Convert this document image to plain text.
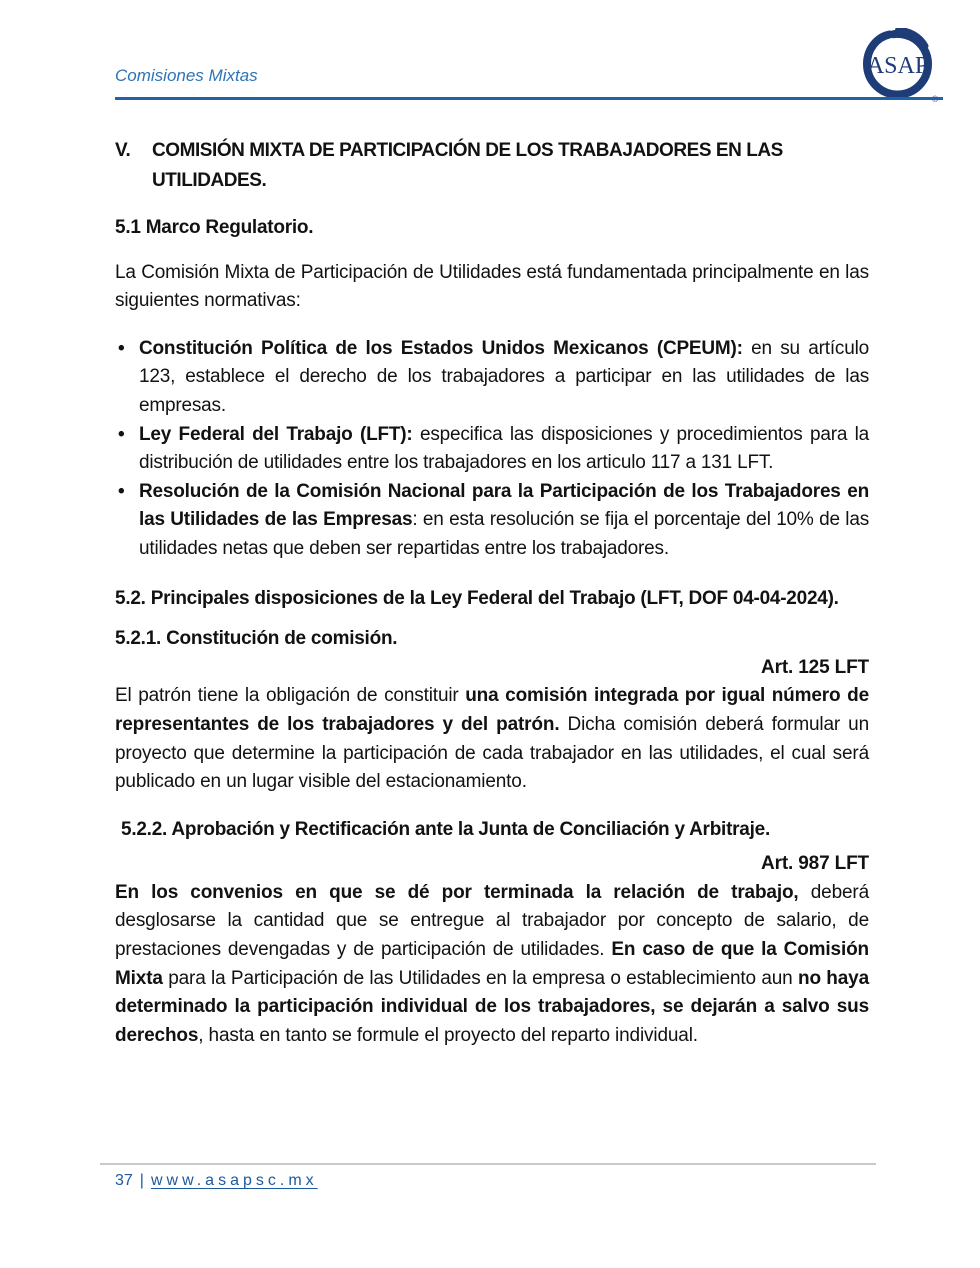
Comisiones Mixtas	ASAP
®
V.	COMISIÓN MIXTA DE PARTICIPACIÓN DE LOS TRABAJADORES EN LAS UTILIDADES.
5.1 Marco Regulatorio.

La Comisión Mixta de Participación de Utilidades está fundamentada principalmente en las siguientes normativas:

• Constitución Política de los Estados Unidos Mexicanos (CPEUM): en su artículo 123, establece el derecho de los trabajadores a participar en las utilidades de las empresas.
• Ley Federal del Trabajo (LFT): especifica las disposiciones y procedimientos para la distribución de utilidades entre los trabajadores en los articulo 117 a 131 LFT.
• Resolución de la Comisión Nacional para la Participación de los Trabajadores en las Utilidades de las Empresas: en esta resolución se fija el porcentaje del 10% de las utilidades netas que deben ser repartidas entre los trabajadores.
5.2. Principales disposiciones de la Ley Federal del Trabajo (LFT, DOF 04-04-2024).
5.2.1. Constitución de comisión.
Art. 125 LFT

El patrón tiene la obligación de constituir una comisión integrada por igual número de representantes de los trabajadores y del patrón. Dicha comisión deberá formular un proyecto que determine la participación de cada trabajador en las utilidades, el cual será publicado en un lugar visible del estacionamiento.

5.2.2. Aprobación y Rectificación ante la Junta de Conciliación y Arbitraje.
Art. 987 LFT

En los convenios en que se dé por terminada la relación de trabajo, deberá desglosarse la cantidad que se entregue al trabajador por concepto de salario, de prestaciones devengadas y de participación de utilidades. En caso de que la Comisión Mixta para la Participación de las Utilidades en la empresa o establecimiento aun no haya determinado la participación individual de los trabajadores, se dejarán a salvo sus derechos, hasta en tanto se formule el proyecto del reparto individual.

37 | www.asapsc.mx
